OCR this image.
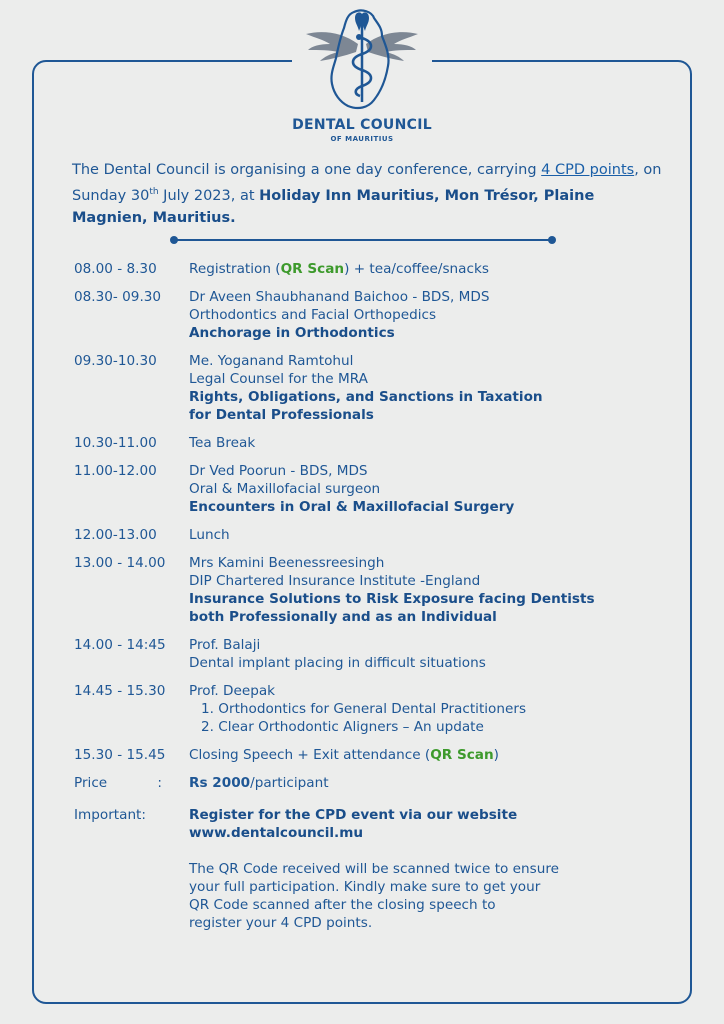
DENTAL COUNCIL
OF MAURITIUS
The Dental Council is organising a one day conference, carrying 4 CPD points, on Sunday 30th July 2023, at Holiday Inn Mauritius, Mon Trésor, Plaine Magnien, Mauritius.
08.00 - 8.30	Registration (QR Scan) + tea/coffee/snacks
08.30- 09.30	Dr Aveen Shaubhanand Baichoo - BDS, MDS
Orthodontics and Facial Orthopedics
Anchorage in Orthodontics
09.30-10.30	Me. Yoganand Ramtohul
Legal Counsel for the MRA
Rights, Obligations, and Sanctions in Taxation
for Dental Professionals
10.30-11.00	Tea Break
11.00-12.00	Dr Ved Poorun - BDS, MDS
Oral & Maxillofacial surgeon
Encounters in Oral & Maxillofacial Surgery
12.00-13.00	Lunch
13.00 - 14.00	Mrs Kamini Beenessreesingh
DIP Chartered Insurance Institute -England
Insurance Solutions to Risk Exposure facing Dentists
both Professionally and as an Individual
14.00 - 14:45	Prof. Balaji
Dental implant placing in difficult situations
14.45 - 15.30	Prof. Deepak
1. Orthodontics for General Dental Practitioners
2. Clear Orthodontic Aligners – An update
15.30 - 15.45	Closing Speech + Exit attendance (QR Scan)
Price	: Rs 2000/participant
Important:	Register for the CPD event via our website
www.dentalcouncil.mu
The QR Code received will be scanned twice to ensure
your full participation. Kindly make sure to get your
QR Code scanned after the closing speech to
register your 4 CPD points.
